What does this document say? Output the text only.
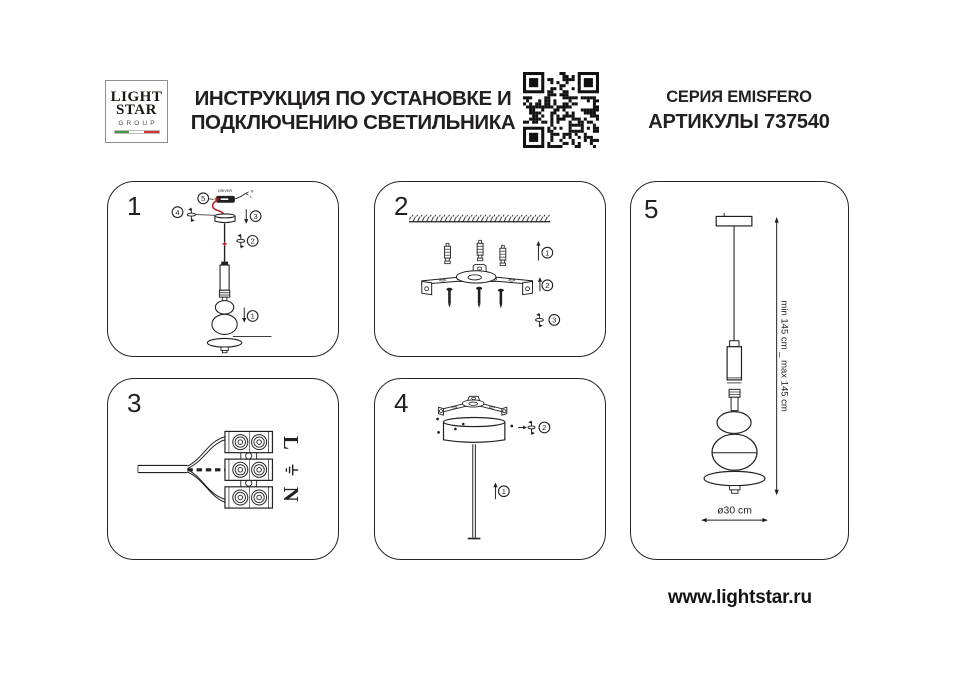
LIGHT
STAR
GROUP
ИНСТРУКЦИЯ ПО УСТАНОВКЕ И
ПОДКЛЮЧЕНИЮ СВЕТИЛЬНИКА
СЕРИЯ EMISFERO
АРТИКУЛЫ 737540
1
DRIVER	N
L
5
4	3
2
1
2
1
2
3
3
L
N
4
2
1
5
min 145 cm _ max 145 cm
ø30 cm
www.lightstar.ru
